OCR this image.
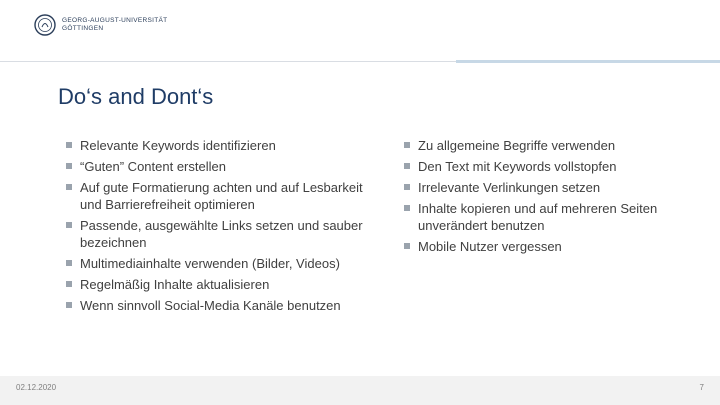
GEORG-AUGUST-UNIVERSITÄT
GÖTTINGEN
Do‘s and Dont‘s
Relevante Keywords identifizieren
“Guten” Content erstellen
Auf gute Formatierung achten und auf Lesbarkeit und Barrierefreiheit optimieren
Passende, ausgewählte Links setzen und sauber bezeichnen
Multimediainhalte verwenden (Bilder, Videos)
Regelmäßig Inhalte aktualisieren
Wenn sinnvoll Social-Media Kanäle benutzen
Zu allgemeine Begriffe verwenden
Den Text mit Keywords vollstopfen
Irrelevante Verlinkungen setzen
Inhalte kopieren und auf mehreren Seiten unverändert benutzen
Mobile Nutzer vergessen
02.12.2020	7
